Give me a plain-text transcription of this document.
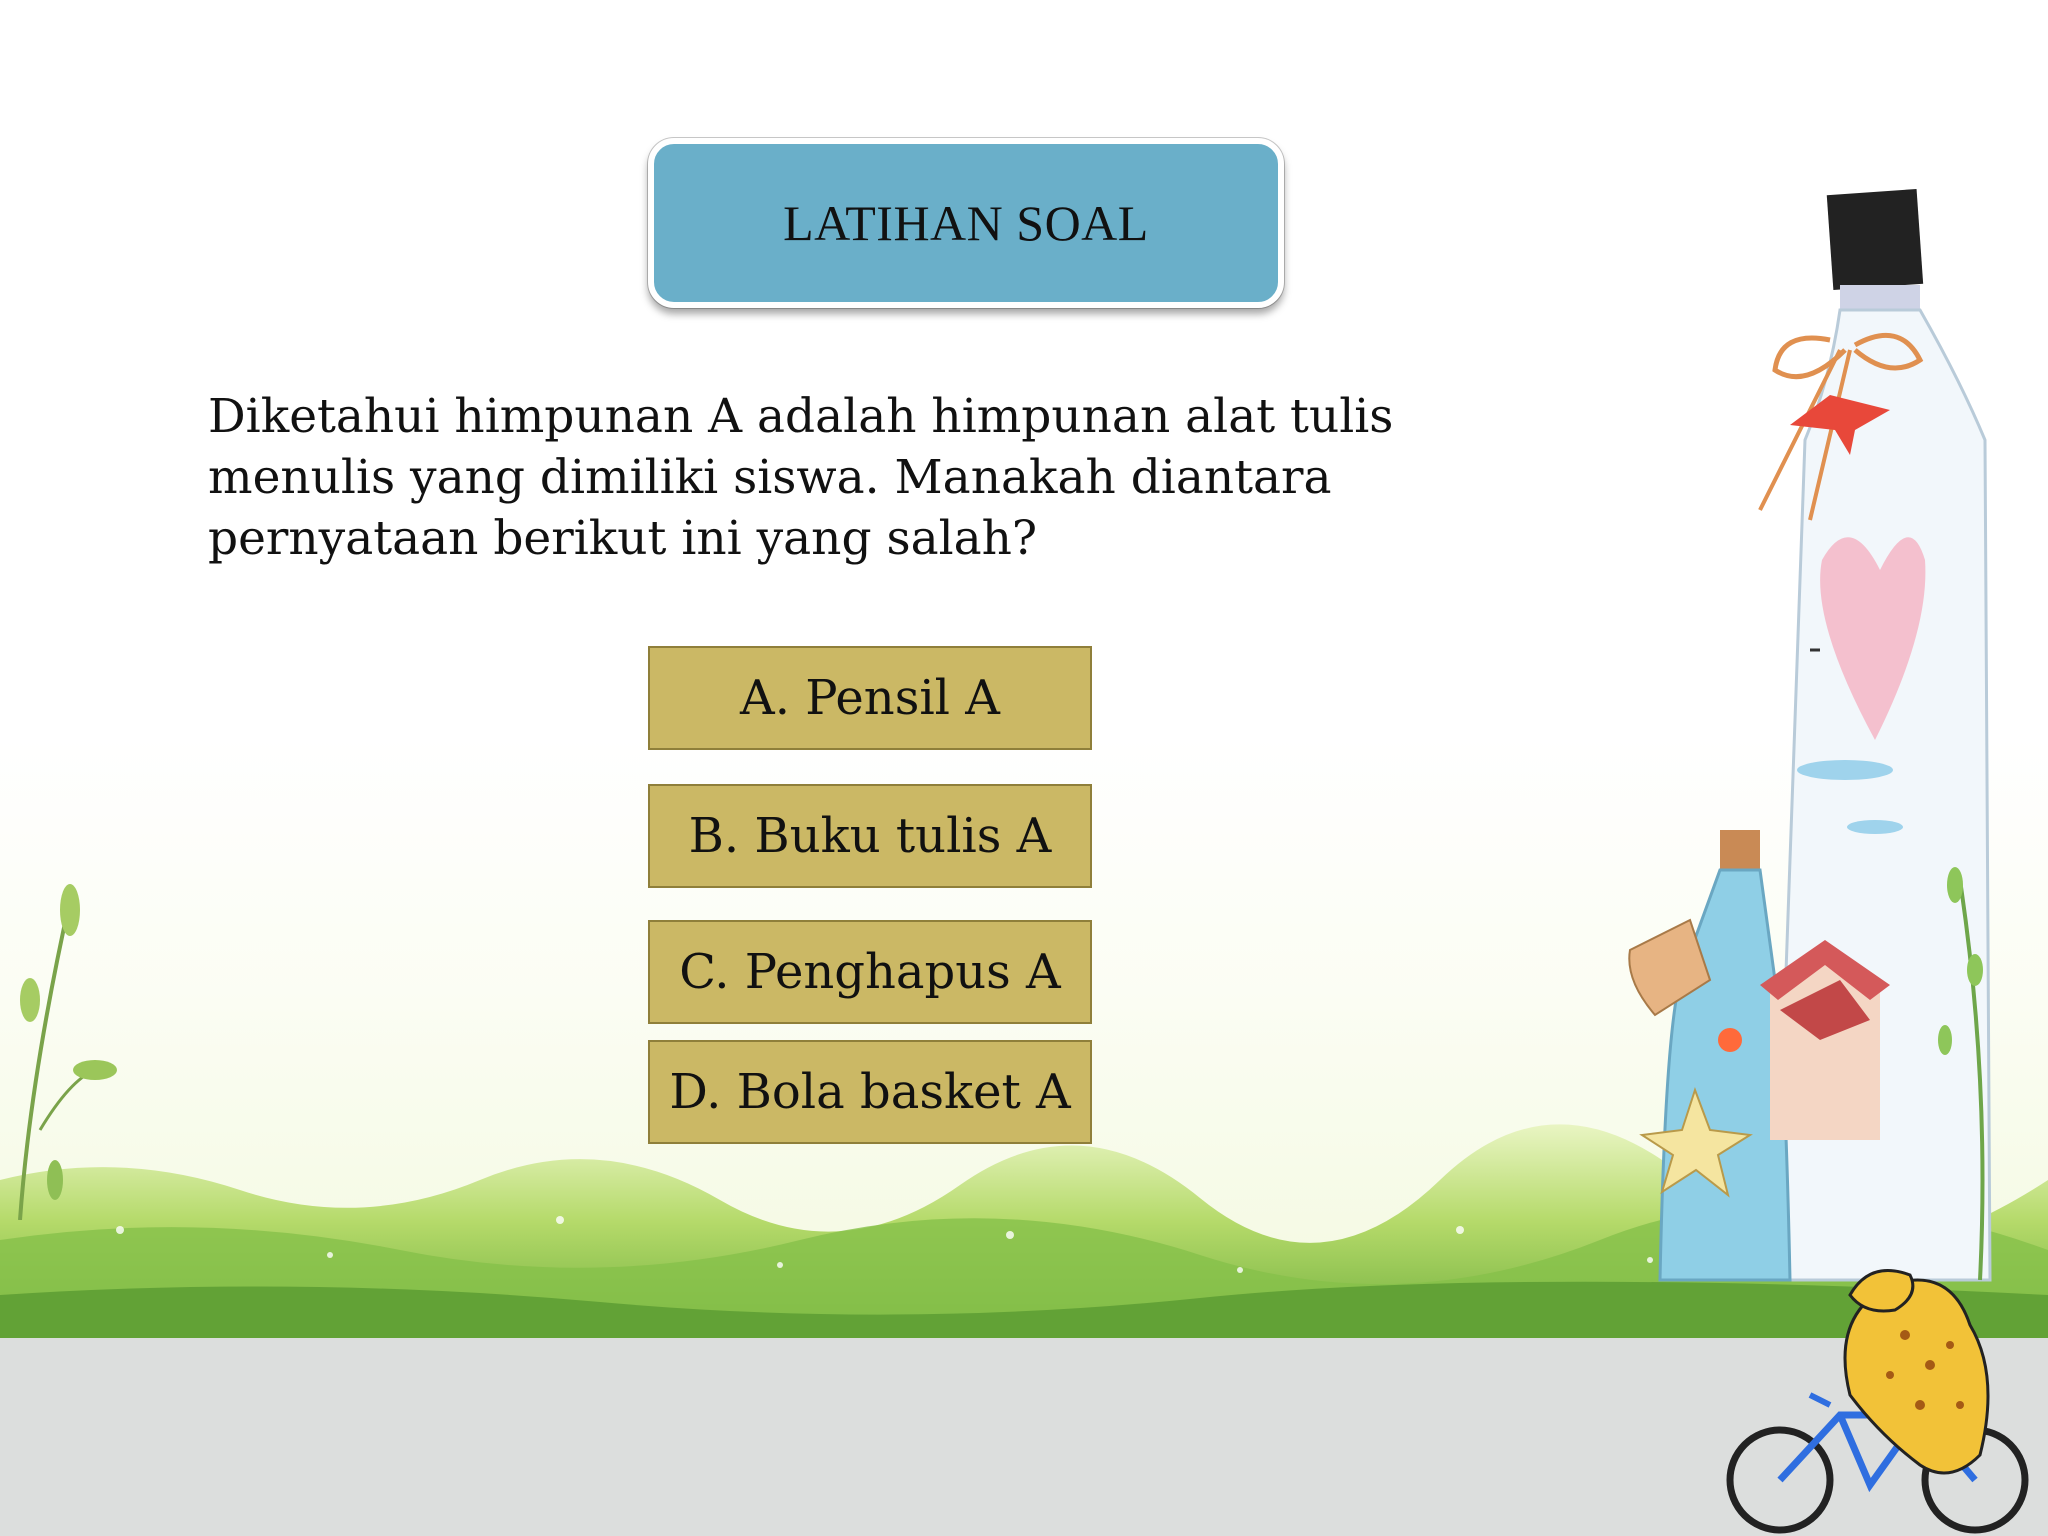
LATIHAN SOAL
Diketahui himpunan A adalah himpunan alat tulis menulis yang dimiliki siswa. Manakah diantara pernyataan berikut ini yang salah?
A. Pensil A
B. Buku tulis A
C. Penghapus A
D. Bola basket A
